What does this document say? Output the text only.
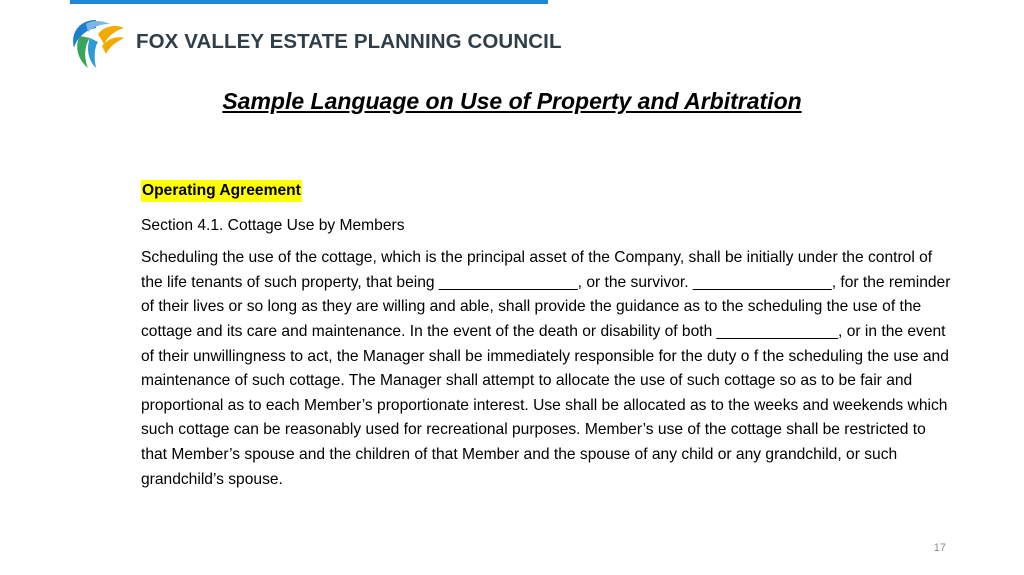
FOX VALLEY ESTATE PLANNING COUNCIL
Sample Language on Use of Property and Arbitration
Operating Agreement
Section 4.1. Cottage Use by Members
Scheduling the use of the cottage, which is the principal asset of the Company, shall be initially under the control of the life tenants of such property, that being ________________, or the survivor. ________________, for the reminder of their lives or so long as they are willing and able, shall provide the guidance as to the scheduling the use of the cottage and its care and maintenance. In the event of the death or disability of both ______________, or in the event of their unwillingness to act, the Manager shall be immediately responsible for the duty o f the scheduling the use and maintenance of such cottage. The Manager shall attempt to allocate the use of such cottage so as to be fair and proportional as to each Member’s proportionate interest. Use shall be allocated as to the weeks and weekends which such cottage can be reasonably used for recreational purposes. Member’s use of the cottage shall be restricted to that Member’s spouse and the children of that Member and the spouse of any child or any grandchild, or such grandchild’s spouse.
17
